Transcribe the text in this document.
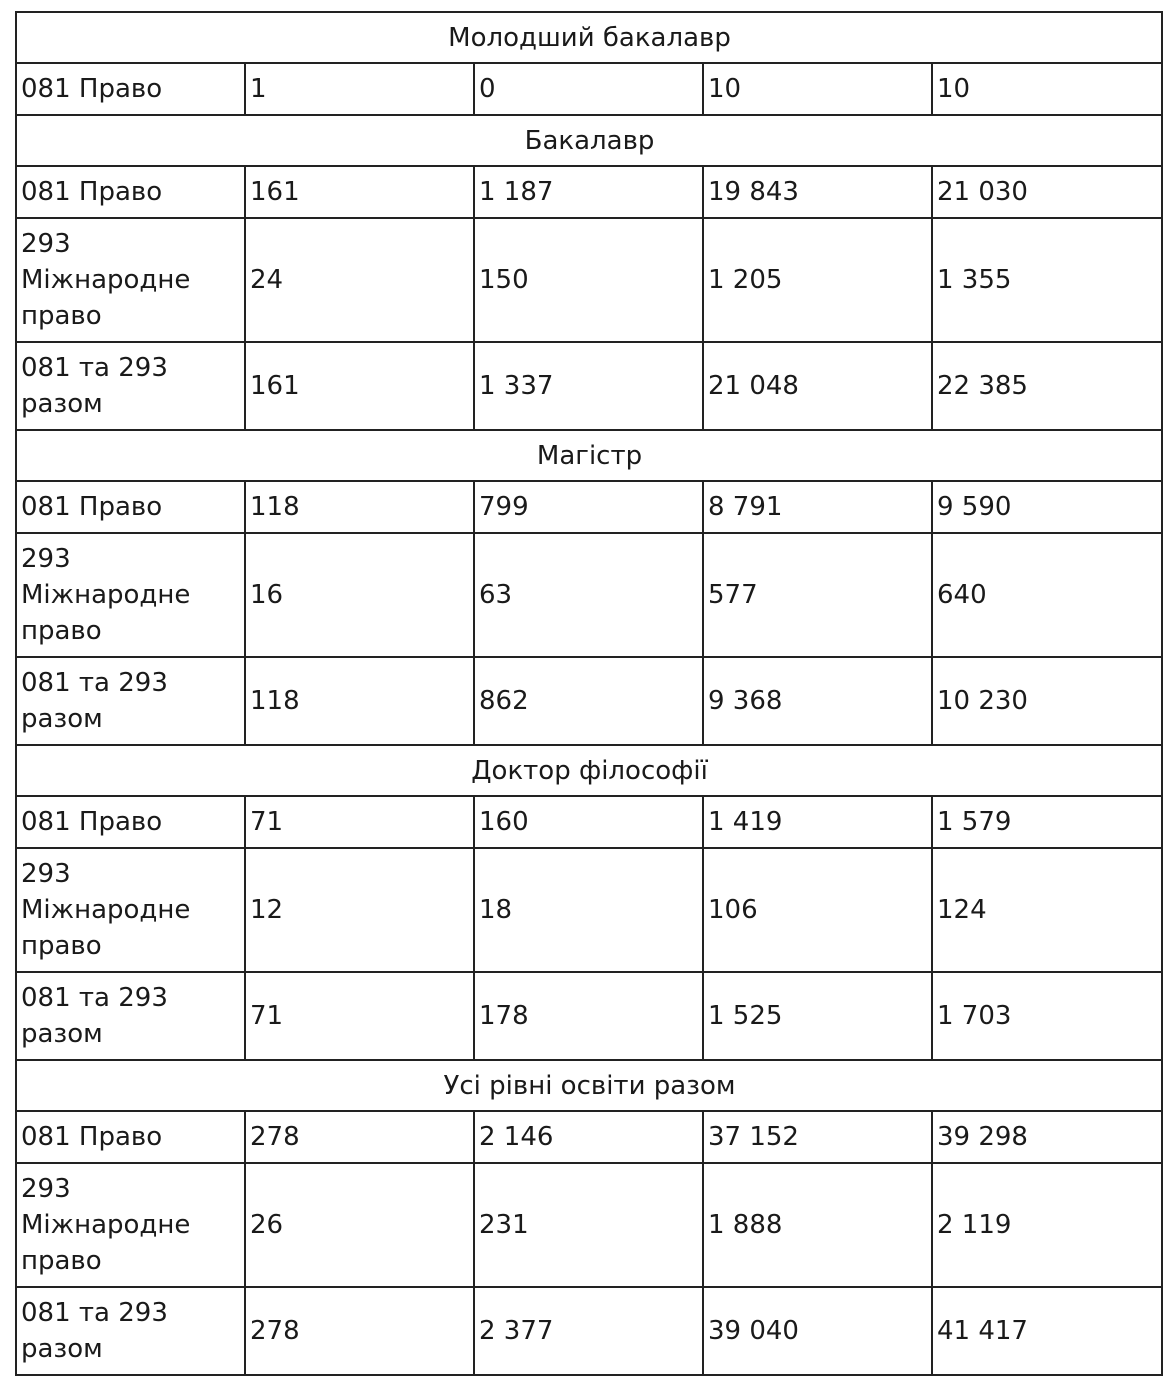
Молодший бакалавр				
081 Право	1	0	10	10
Бакалавр				
081 Право	161	1 187	19 843	21 030
293 Міжнародне право	24	150	1 205	1 355
081 та 293 разом	161	1 337	21 048	22 385
Магістр				
081 Право	118	799	8 791	9 590
293 Міжнародне право	16	63	577	640
081 та 293 разом	118	862	9 368	10 230
Доктор філософії				
081 Право	71	160	1 419	1 579
293 Міжнародне право	12	18	106	124
081 та 293 разом	71	178	1 525	1 703
Усі рівні освіти разом				
081 Право	278	2 146	37 152	39 298
293 Міжнародне право	26	231	1 888	2 119
081 та 293 разом	278	2 377	39 040	41 417
